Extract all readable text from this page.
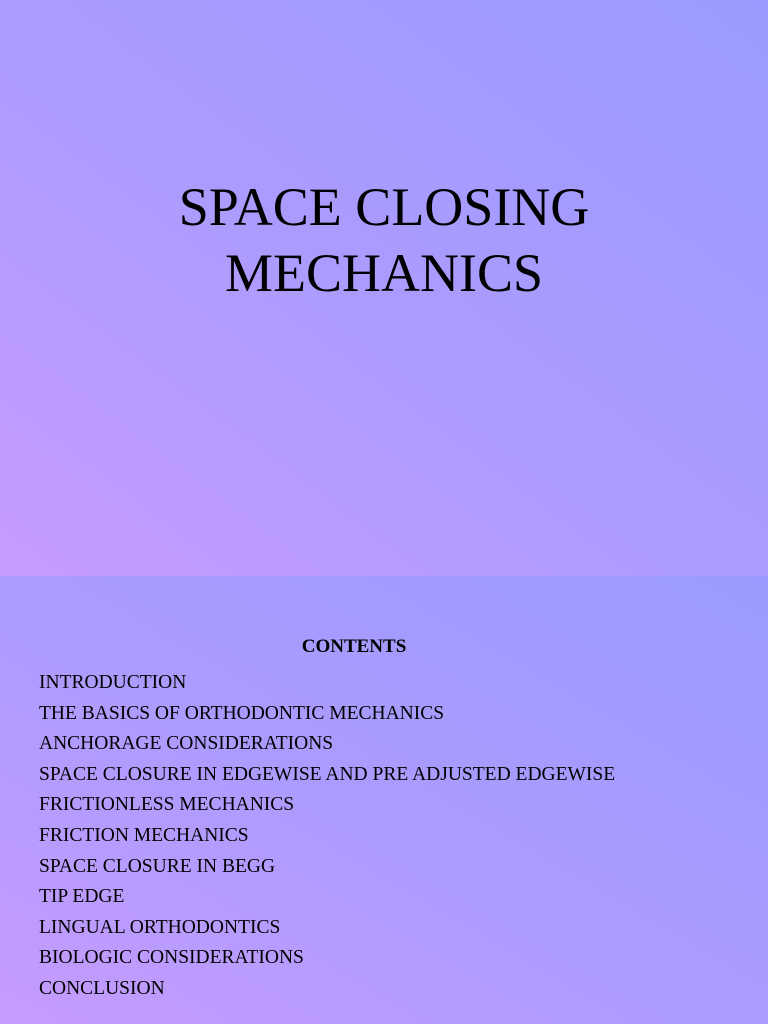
SPACE CLOSING
MECHANICS
CONTENTS
INTRODUCTION
THE BASICS OF ORTHODONTIC MECHANICS
ANCHORAGE CONSIDERATIONS
SPACE CLOSURE IN EDGEWISE AND PRE ADJUSTED EDGEWISE
FRICTIONLESS MECHANICS
FRICTION MECHANICS
SPACE CLOSURE IN BEGG
TIP EDGE
LINGUAL ORTHODONTICS
BIOLOGIC CONSIDERATIONS
CONCLUSION
